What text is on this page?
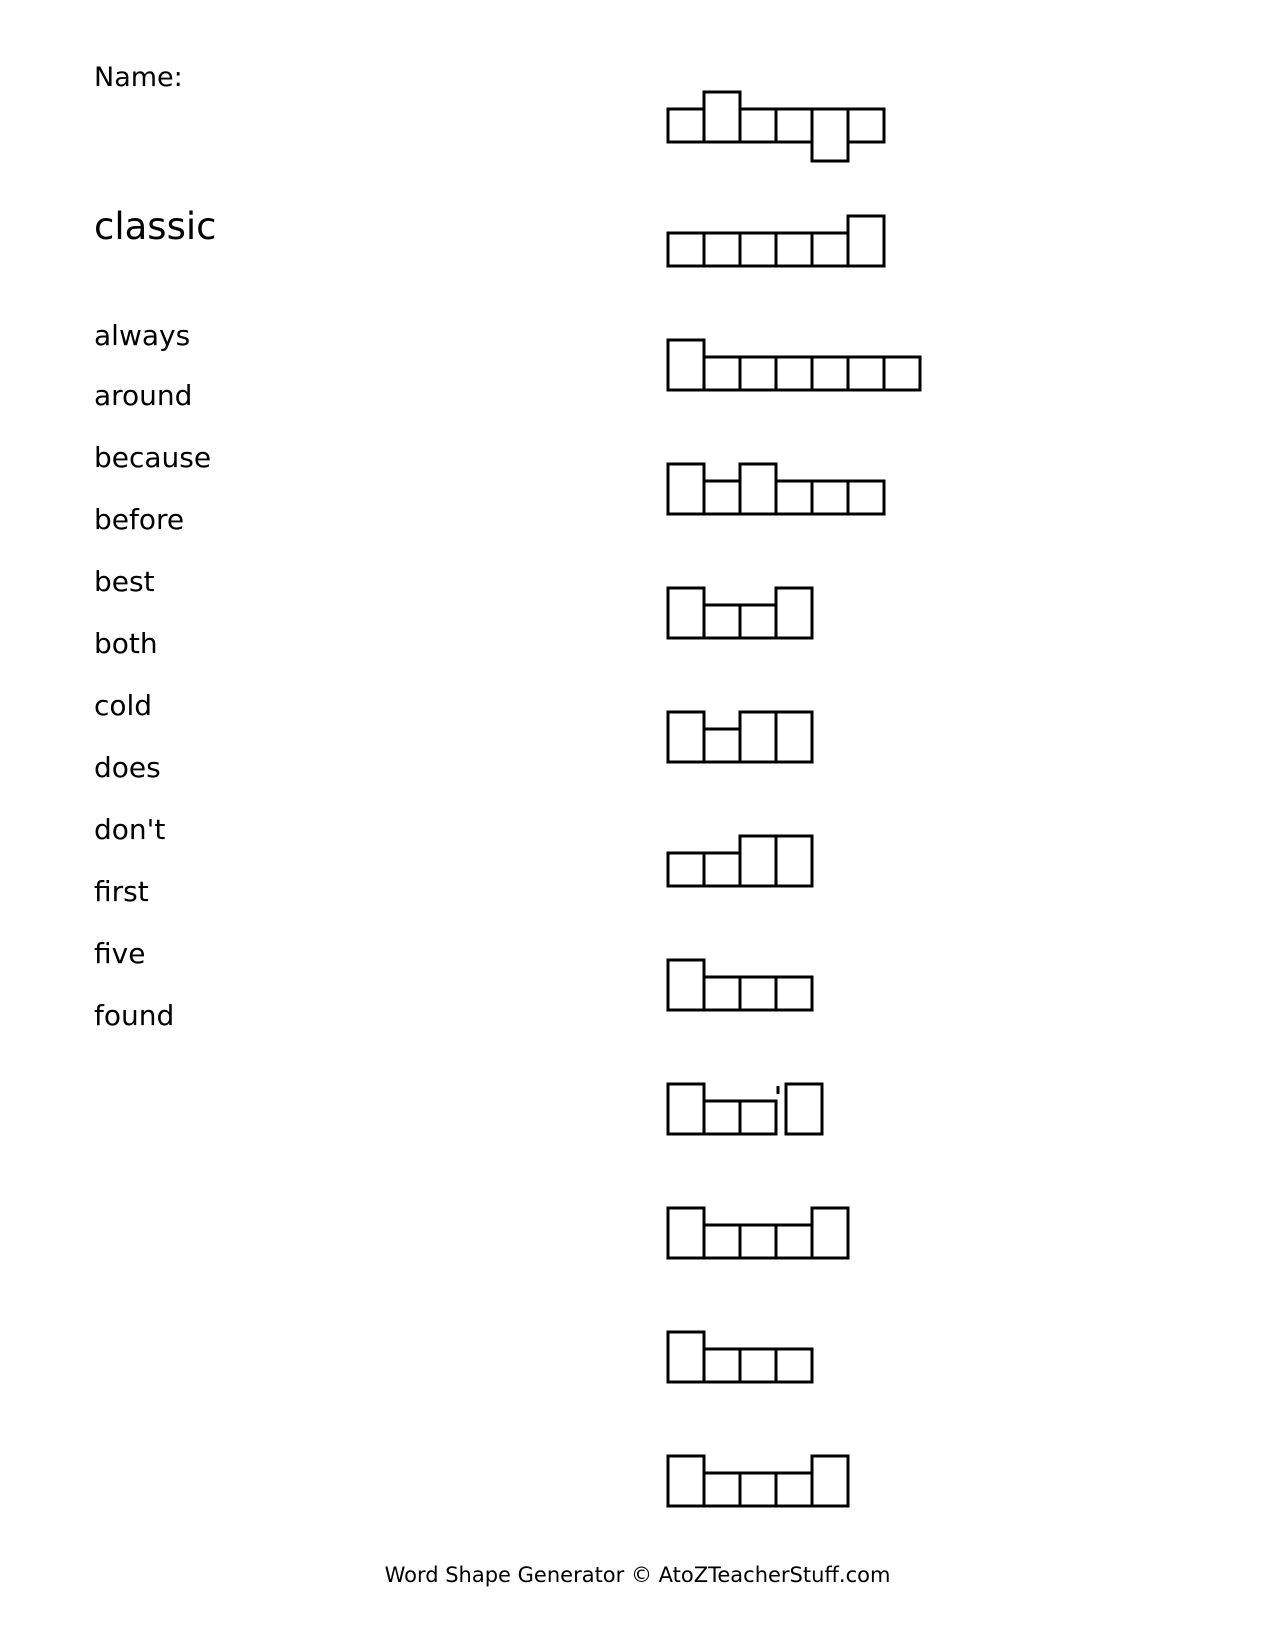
Name:
classic
always
around
because
before
best
both
cold
does
don't
first
five
found
Word Shape Generator © AtoZTeacherStuff.com
